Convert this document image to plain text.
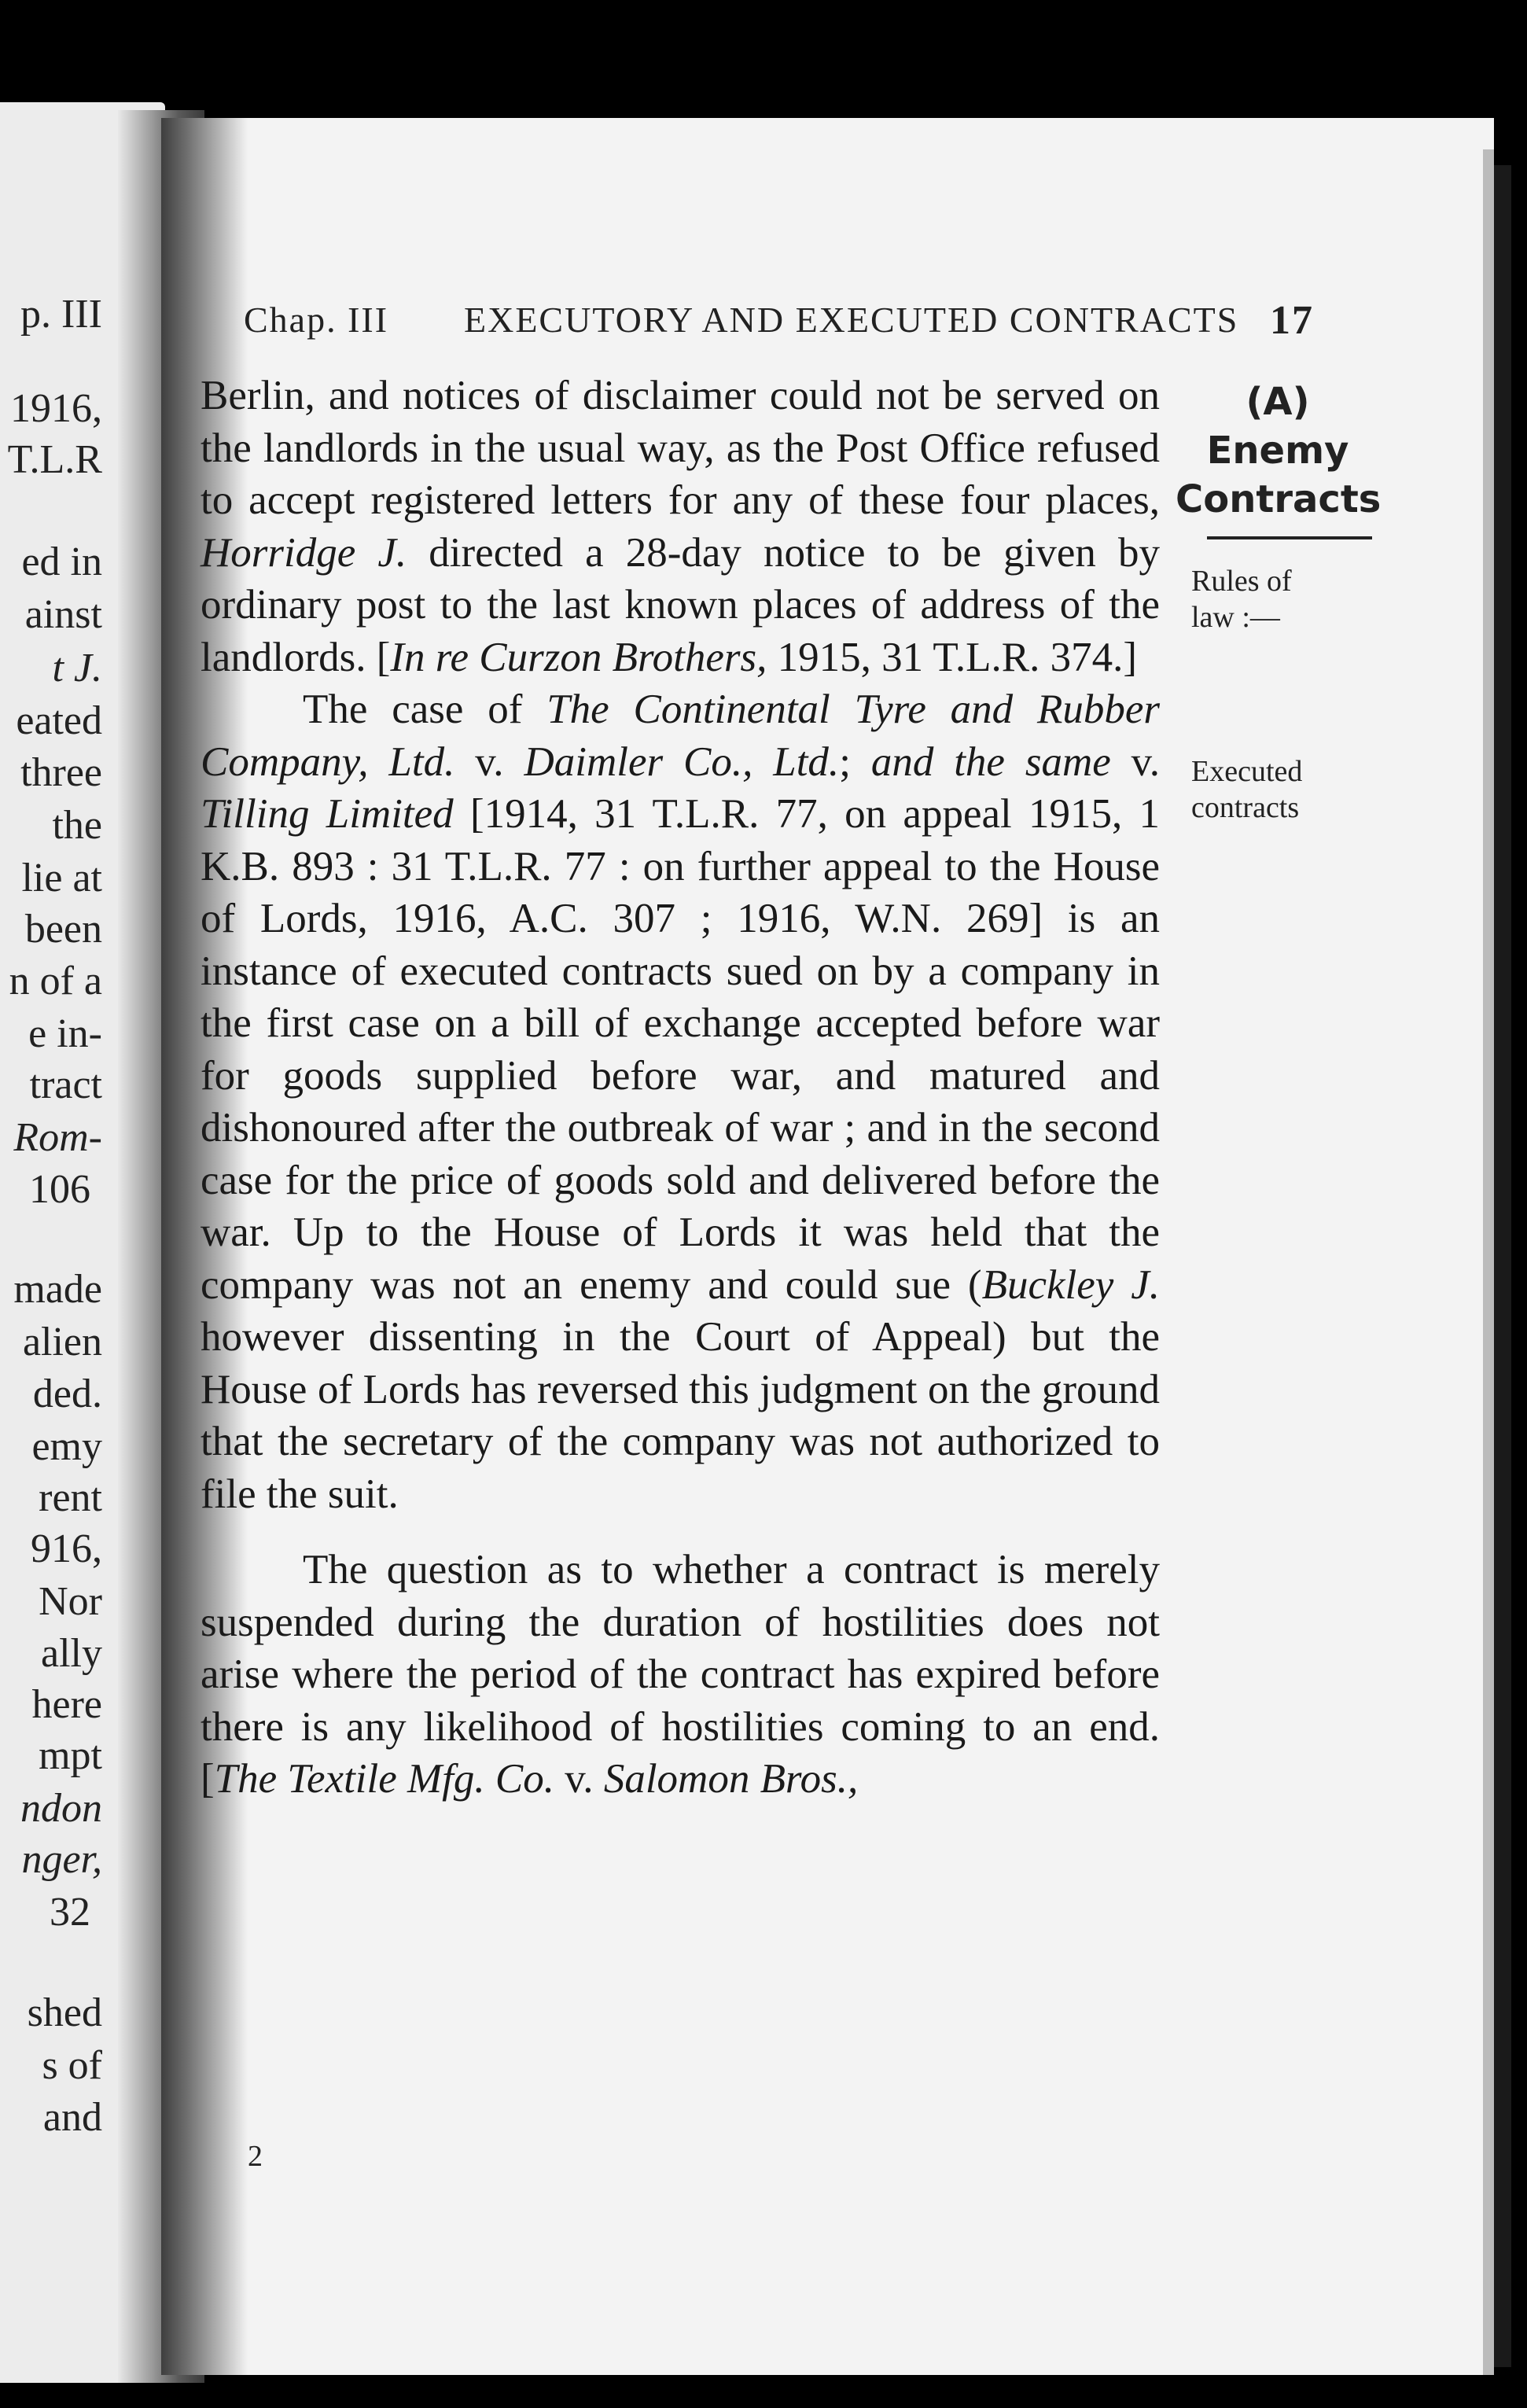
p. III
1916,
T.L.R
ed in
ainst
t J.
eated
three
the
lie at
been
n of a
e in-
tract
Rom-
106
made
alien
ded.
emy
rent
916,
Nor
ally
here
mpt
ndon
nger,
32
shed
s of
and
Chap. III EXECUTORY AND EXECUTED CONTRACTS 17

Berlin, and notices of disclaimer could not be served on the landlords in the usual way, as the Post Office refused to accept registered letters for any of these four places, Horridge J. directed a 28-day notice to be given by ordinary post to the last known places of address of the landlords. [In re Curzon Brothers, 1915, 31 T.L.R. 374.]

The case of The Continental Tyre and Rubber Company, Ltd. v. Daimler Co., Ltd.; and the same v. Tilling Limited [1914, 31 T.L.R. 77, on appeal 1915, 1 K.B. 893 : 31 T.L.R. 77 : on further appeal to the House of Lords, 1916, A.C. 307 ; 1916, W.N. 269] is an instance of executed contracts sued on by a company in the first case on a bill of exchange accepted before war for goods supplied before war, and matured and dishonoured after the outbreak of war ; and in the second case for the price of goods sold and delivered before the war. Up to the House of Lords it was held that the company was not an enemy and could sue (Buckley J. however dissenting in the Court of Appeal) but the House of Lords has reversed this judgment on the ground that the secretary of the company was not authorized to file the suit.

The question as to whether a contract is merely suspended during the duration of hostilities does not arise where the period of the contract has expired before there is any likelihood of hostilities coming to an end. [The Textile Mfg. Co. v. Salomon Bros.,

(A)
Enemy
Contracts
Rules of
law :—
Executed
contracts
2
